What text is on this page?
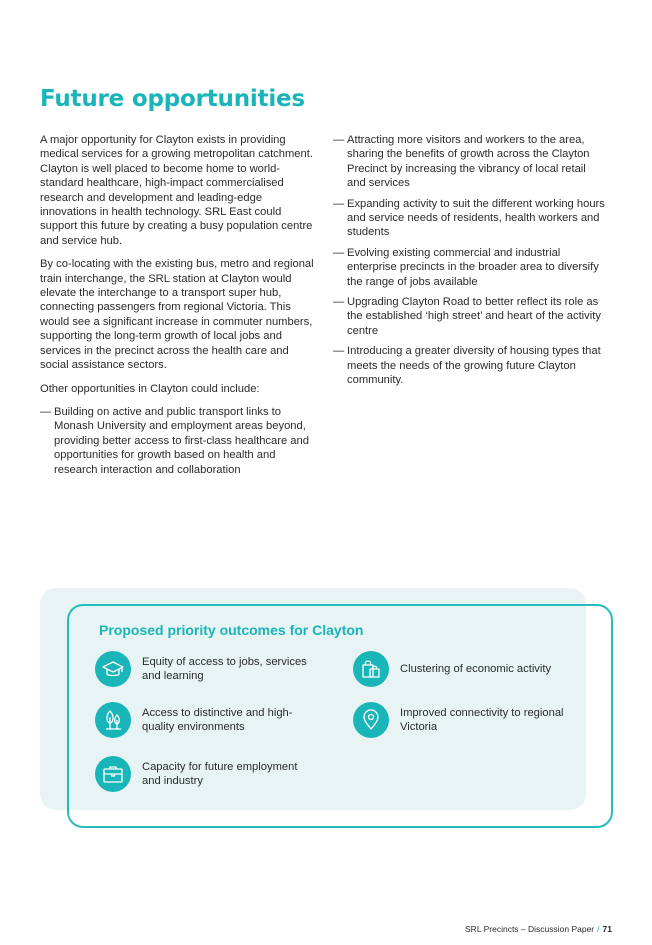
Future opportunities

A major opportunity for Clayton exists in providing medical services for a growing metropolitan catchment. Clayton is well placed to become home to world-standard healthcare, high-impact commercialised research and development and leading-edge innovations in health technology. SRL East could support this future by creating a busy population centre and service hub.

By co-locating with the existing bus, metro and regional train interchange, the SRL station at Clayton would elevate the interchange to a transport super hub, connecting passengers from regional Victoria. This would see a significant increase in commuter numbers, supporting the long-term growth of local jobs and services in the precinct across the health care and social assistance sectors.

Other opportunities in Clayton could include:

— Building on active and public transport links to Monash University and employment areas beyond, providing better access to first-class healthcare and opportunities for growth based on health and research interaction and collaboration
— Attracting more visitors and workers to the area, sharing the benefits of growth across the Clayton Precinct by increasing the vibrancy of local retail and services
— Expanding activity to suit the different working hours and service needs of residents, health workers and students
— Evolving existing commercial and industrial enterprise precincts in the broader area to diversify the range of jobs available
— Upgrading Clayton Road to better reflect its role as the established ‘high street’ and heart of the activity centre
— Introducing a greater diversity of housing types that meets the needs of the growing future Clayton community.
Proposed priority outcomes for Clayton
Equity of access to jobs, services and learning
Clustering of economic activity
Access to distinctive and high-quality environments
Improved connectivity to regional Victoria
Capacity for future employment and industry
SRL Precincts – Discussion Paper / 71
